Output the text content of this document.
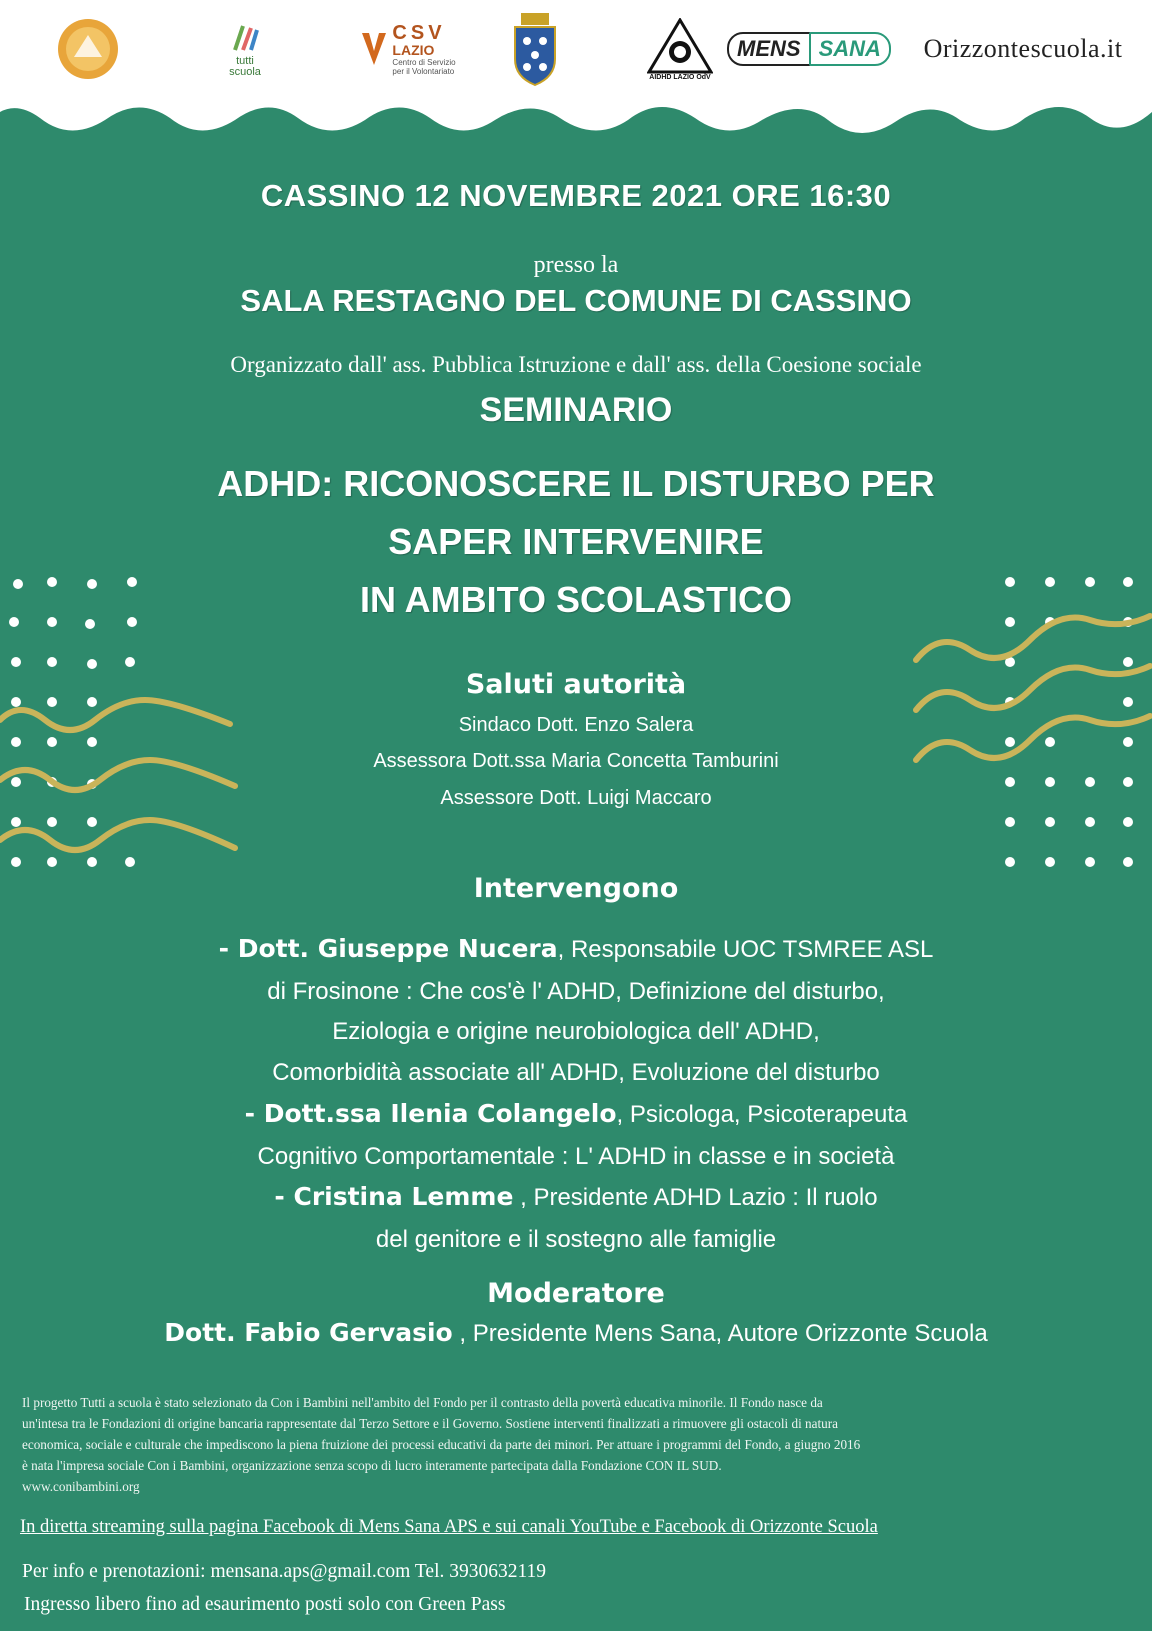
tutti
scuola
CSV
LAZIO
Centro di Servizio
per il Volontariato
AIDHD LAZIO OdV
MENS SANA	Orizzontescuola.it
CASSINO 12 NOVEMBRE 2021 ORE 16:30
presso la
SALA RESTAGNO DEL COMUNE DI CASSINO
Organizzato dall' ass. Pubblica Istruzione e dall' ass. della Coesione sociale
SEMINARIO
ADHD: RICONOSCERE IL DISTURBO PER
SAPER INTERVENIRE
IN AMBITO SCOLASTICO
Saluti autorità
Sindaco Dott. Enzo Salera
Assessora Dott.ssa Maria Concetta Tamburini
Assessore Dott. Luigi Maccaro
Intervengono
- Dott. Giuseppe Nucera, Responsabile UOC TSMREE ASL
di Frosinone : Che cos'è l' ADHD, Definizione del disturbo,
Eziologia e origine neurobiologica dell' ADHD,
Comorbidità associate all' ADHD, Evoluzione del disturbo
- Dott.ssa Ilenia Colangelo, Psicologa, Psicoterapeuta
Cognitivo Comportamentale : L' ADHD in classe e in società
- Cristina Lemme , Presidente ADHD Lazio : Il ruolo
del genitore e il sostegno alle famiglie
Moderatore
Dott. Fabio Gervasio , Presidente Mens Sana, Autore Orizzonte Scuola
Il progetto Tutti a scuola è stato selezionato da Con i Bambini nell'ambito del Fondo per il contrasto della povertà educativa minorile. Il Fondo nasce da
un'intesa tra le Fondazioni di origine bancaria rappresentate dal Terzo Settore e il Governo. Sostiene interventi finalizzati a rimuovere gli ostacoli di natura
economica, sociale e culturale che impediscono la piena fruizione dei processi educativi da parte dei minori. Per attuare i programmi del Fondo, a giugno 2016
è nata l'impresa sociale Con i Bambini, organizzazione senza scopo di lucro interamente partecipata dalla Fondazione CON IL SUD.
www.conibambini.org
In diretta streaming sulla pagina Facebook di Mens Sana APS e sui canali YouTube e Facebook di Orizzonte Scuola
Per info e prenotazioni: mensana.aps@gmail.com Tel. 3930632119
Ingresso libero fino ad esaurimento posti solo con Green Pass
